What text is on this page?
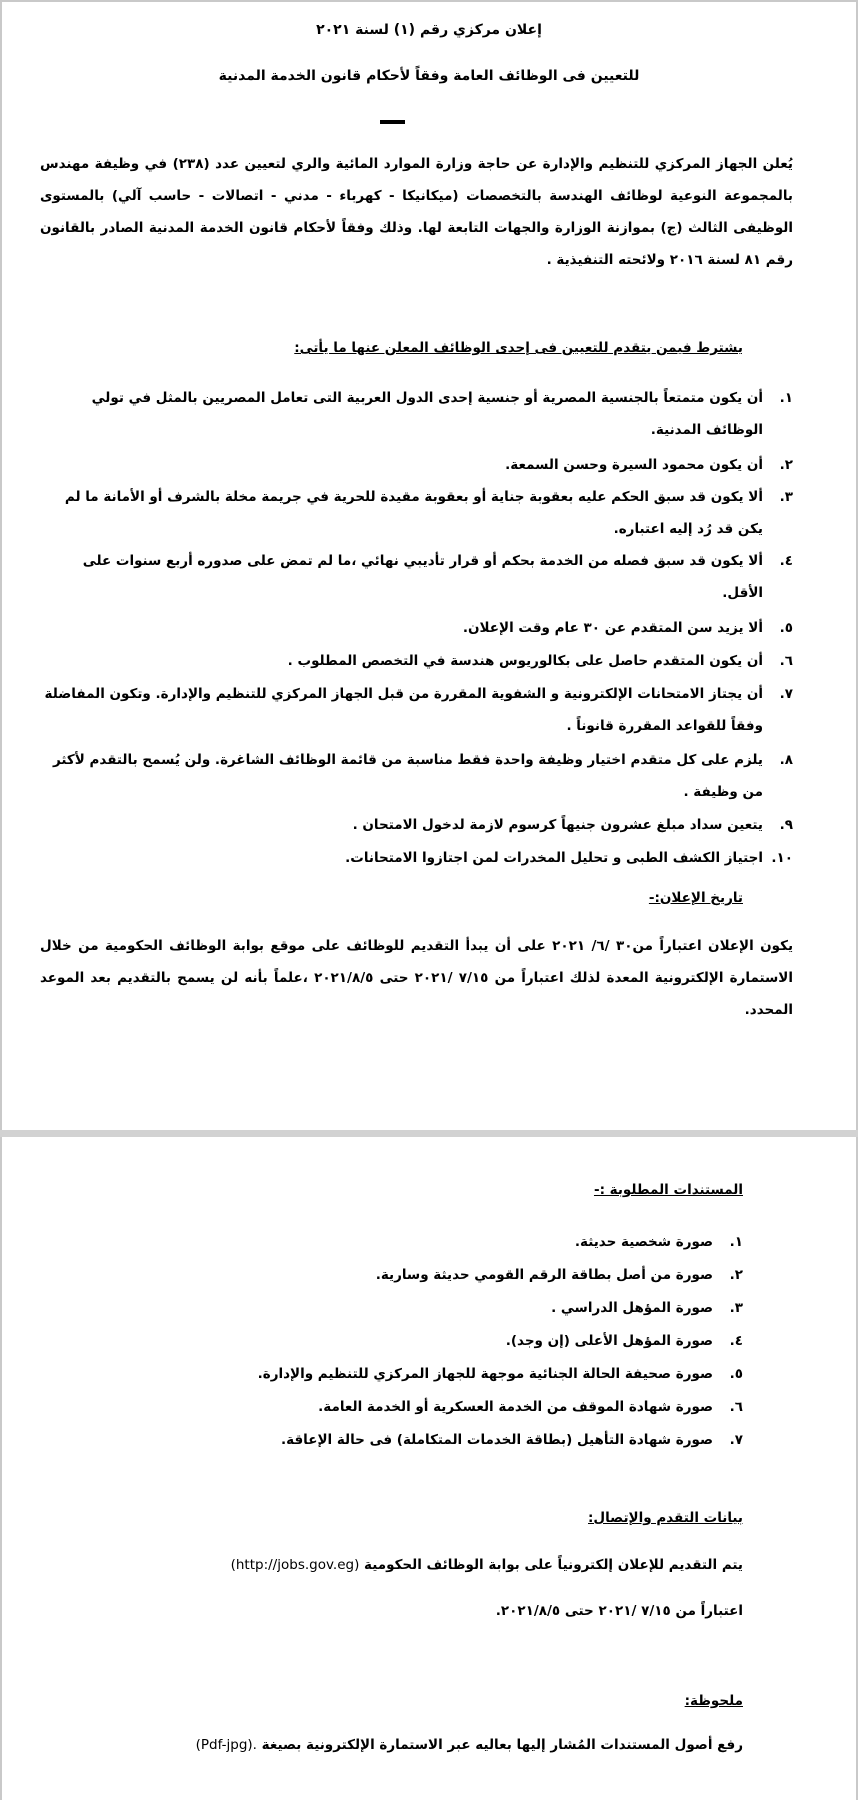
إعلان مركزي رقم (١) لسنة ٢٠٢١
للتعيين فى الوظائف العامة وفقاً لأحكام قانون الخدمة المدنية
يُعلن الجهاز المركزي للتنظيم والإدارة عن حاجة وزارة الموارد المائية والري لتعيين عدد (٢٣٨) في وظيفة مهندس بالمجموعة النوعية لوظائف الهندسة بالتخصصات (ميكانيكا - كهرباء - مدني - اتصالات - حاسب آلي) بالمستوى الوظيفى الثالث (ج) بموازنة الوزارة والجهات التابعة لها. وذلك وفقاً لأحكام قانون الخدمة المدنية الصادر بالقانون رقم ٨١ لسنة ٢٠١٦ ولائحته التنفيذية .
يشترط فيمن يتقدم للتعيين فى إحدى الوظائف المعلن عنها ما يأتى:
١.
أن يكون متمتعاً بالجنسية المصرية أو جنسية إحدى الدول العربية التى تعامل المصريين بالمثل في تولي الوظائف المدنية.
٢.
أن يكون محمود السيرة وحسن السمعة.
٣.
ألا يكون قد سبق الحكم عليه بعقوبة جناية أو بعقوبة مقيدة للحرية في جريمة مخلة بالشرف أو الأمانة ما لم يكن قد رُد إليه اعتباره.
٤.
ألا يكون قد سبق فصله من الخدمة بحكم أو قرار تأديبي نهائي ،ما لم تمض على صدوره أربع سنوات على الأقل.
٥.
ألا يزيد سن المتقدم عن ٣٠ عام وقت الإعلان.
٦.
أن يكون المتقدم حاصل على بكالوريوس هندسة في التخصص المطلوب .
٧.
أن يجتاز الامتحانات الإلكترونية و الشفوية المقررة من قبل الجهاز المركزي للتنظيم والإدارة. وتكون المفاضلة وفقاً للقواعد المقررة قانوناً .
٨.
يلزم على كل متقدم اختيار وظيفة واحدة فقط مناسبة من قائمة الوظائف الشاغرة. ولن يُسمح بالتقدم لأكثر من وظيفة .
٩.
يتعين سداد مبلغ عشرون جنيهاً كرسوم لازمة لدخول الامتحان .
١٠.
اجتياز الكشف الطبى و تحليل المخدرات لمن اجتازوا الامتحانات.
تاريخ الإعلان:-
يكون الإعلان اعتباراً من٣٠ /٦/ ٢٠٢١ على أن يبدأ التقديم للوظائف على موقع بوابة الوظائف الحكومية من خلال الاستمارة الإلكترونية المعدة لذلك اعتباراً من ٧/١٥ /٢٠٢١ حتى ٢٠٢١/٨/٥ ،علماً بأنه لن يسمح بالتقديم بعد الموعد المحدد.
المستندات المطلوبة :-
١.
صورة شخصية حديثة.
٢.
صورة من أصل بطاقة الرقم القومي حديثة وسارية.
٣.
صورة المؤهل الدراسي .
٤.
صورة المؤهل الأعلى (إن وجد).
٥.
صورة صحيفة الحالة الجنائية موجهة للجهاز المركزي للتنظيم والإدارة.
٦.
صورة شهادة الموقف من الخدمة العسكرية أو الخدمة العامة.
٧.
صورة شهادة التأهيل (بطاقة الخدمات المتكاملة) فى حالة الإعاقة.
بيانات التقدم والإتصال:
يتم التقديم للإعلان إلكترونياً على بوابة الوظائف الحكومية (http://jobs.gov.eg)
اعتباراً من ٧/١٥ /٢٠٢١ حتى ٢٠٢١/٨/٥.
ملحوظة:
رفع أصول المستندات المُشار إليها بعاليه عبر الاستمارة الإلكترونية بصيغة (Pdf-jpg).
